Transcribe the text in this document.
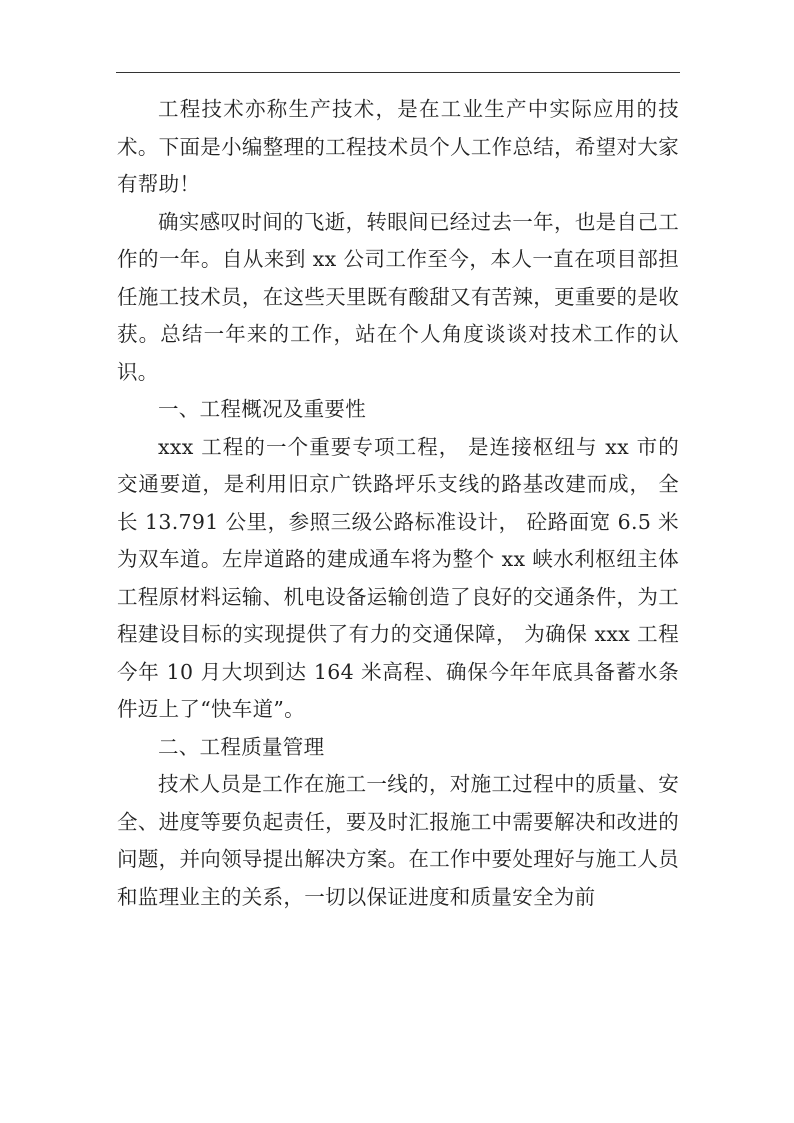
工程技术亦称生产技术，是在工业生产中实际应用的技术。下面是小编整理的工程技术员个人工作总结，希望对大家有帮助！

确实感叹时间的飞逝，转眼间已经过去一年，也是自己工作的一年。自从来到 xx 公司工作至今，本人一直在项目部担任施工技术员，在这些天里既有酸甜又有苦辣，更重要的是收获。总结一年来的工作，站在个人角度谈谈对技术工作的认识。

一、工程概况及重要性

xxx 工程的一个重要专项工程， 是连接枢纽与 xx 市的交通要道，是利用旧京广铁路坪乐支线的路基改建而成， 全长 13.791 公里，参照三级公路标准设计， 砼路面宽 6.5 米为双车道。左岸道路的建成通车将为整个 xx 峡水利枢纽主体工程原材料运输、机电设备运输创造了良好的交通条件，为工程建设目标的实现提供了有力的交通保障， 为确保 xxx 工程今年 10 月大坝到达 164 米高程、确保今年年底具备蓄水条件迈上了“快车道”。

二、工程质量管理

技术人员是工作在施工一线的，对施工过程中的质量、安全、进度等要负起责任，要及时汇报施工中需要解决和改进的问题，并向领导提出解决方案。在工作中要处理好与施工人员和监理业主的关系，一切以保证进度和质量安全为前
